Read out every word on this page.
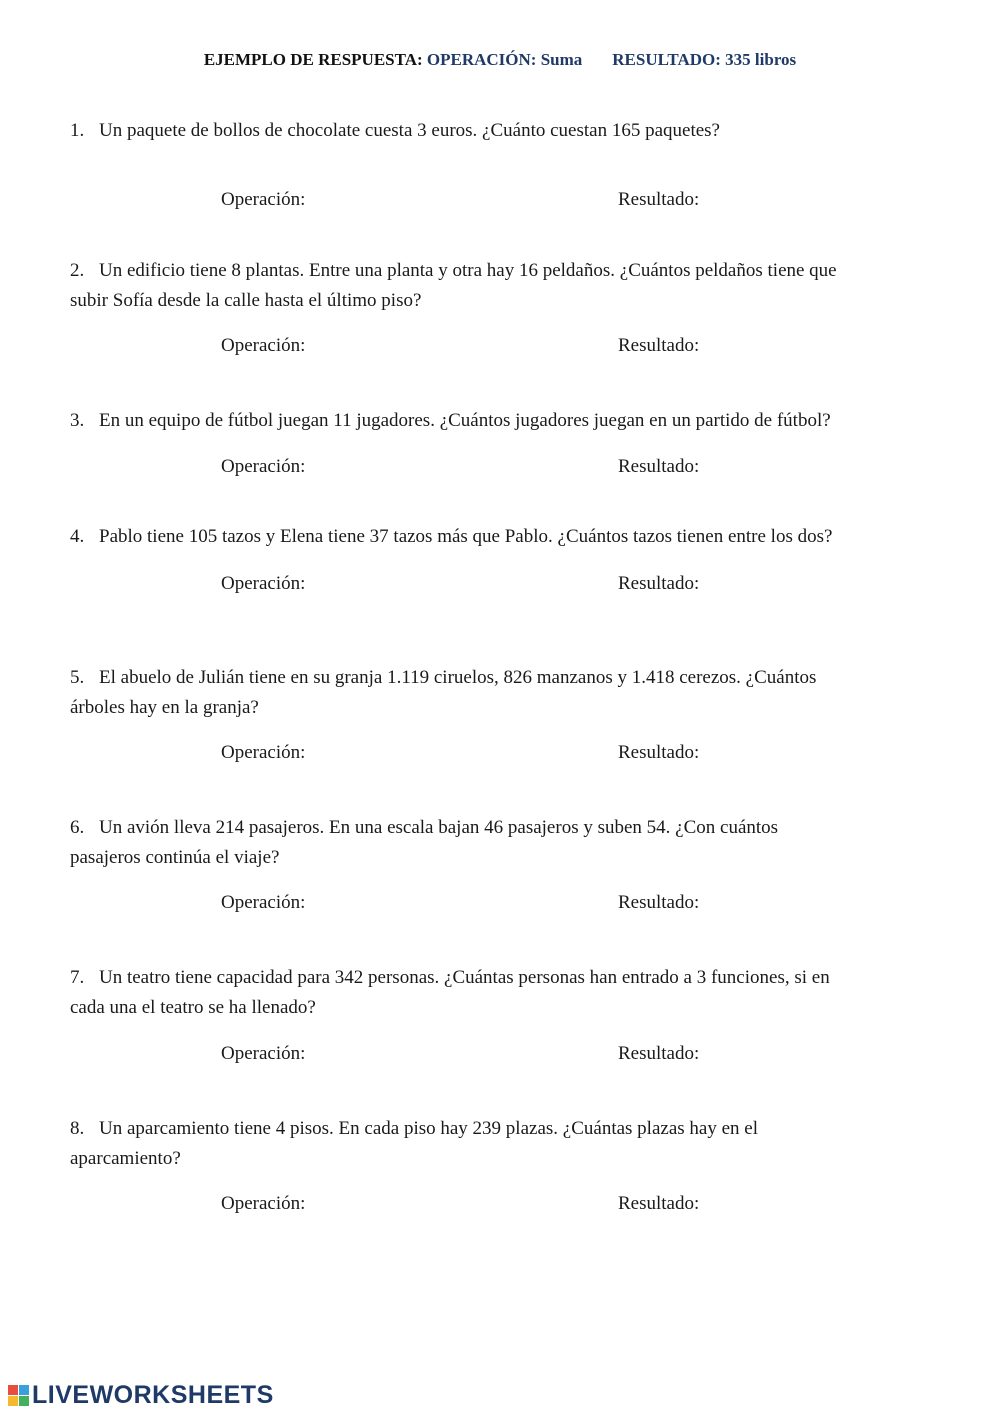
EJEMPLO DE RESPUESTA: OPERACIÓN: Suma RESULTADO: 335 libros
1. Un paquete de bollos de chocolate cuesta 3 euros. ¿Cuánto cuestan 165 paquetes?
Operación:	Resultado:
2. Un edificio tiene 8 plantas. Entre una planta y otra hay 16 peldaños. ¿Cuántos peldaños tiene que
subir Sofía desde la calle hasta el último piso?
Operación:	Resultado:
3. En un equipo de fútbol juegan 11 jugadores. ¿Cuántos jugadores juegan en un partido de fútbol?
Operación:	Resultado:
4. Pablo tiene 105 tazos y Elena tiene 37 tazos más que Pablo. ¿Cuántos tazos tienen entre los dos?
Operación:	Resultado:
5. El abuelo de Julián tiene en su granja 1.119 ciruelos, 826 manzanos y 1.418 cerezos. ¿Cuántos
árboles hay en la granja?
Operación:	Resultado:
6. Un avión lleva 214 pasajeros. En una escala bajan 46 pasajeros y suben 54. ¿Con cuántos
pasajeros continúa el viaje?
Operación:	Resultado:
7. Un teatro tiene capacidad para 342 personas. ¿Cuántas personas han entrado a 3 funciones, si en
cada una el teatro se ha llenado?
Operación:	Resultado:
8. Un aparcamiento tiene 4 pisos. En cada piso hay 239 plazas. ¿Cuántas plazas hay en el
aparcamiento?
Operación:	Resultado:
LIVEWORKSHEETS
